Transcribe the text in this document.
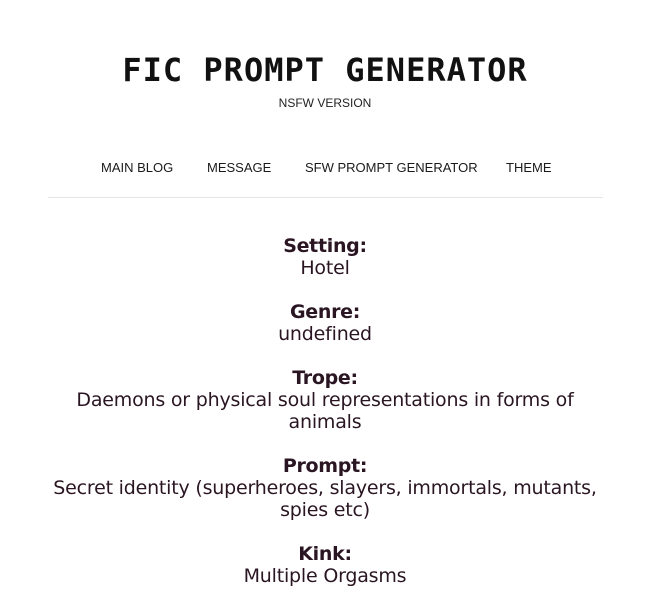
FIC PROMPT GENERATOR
NSFW VERSION
MAIN BLOG	MESSAGE	SFW PROMPT GENERATOR THEME
Setting:
Hotel
Genre:
undefined
Trope:
Daemons or physical soul representations in forms of animals
Prompt:
Secret identity (superheroes, slayers, immortals, mutants, spies etc)
Kink:
Multiple Orgasms
